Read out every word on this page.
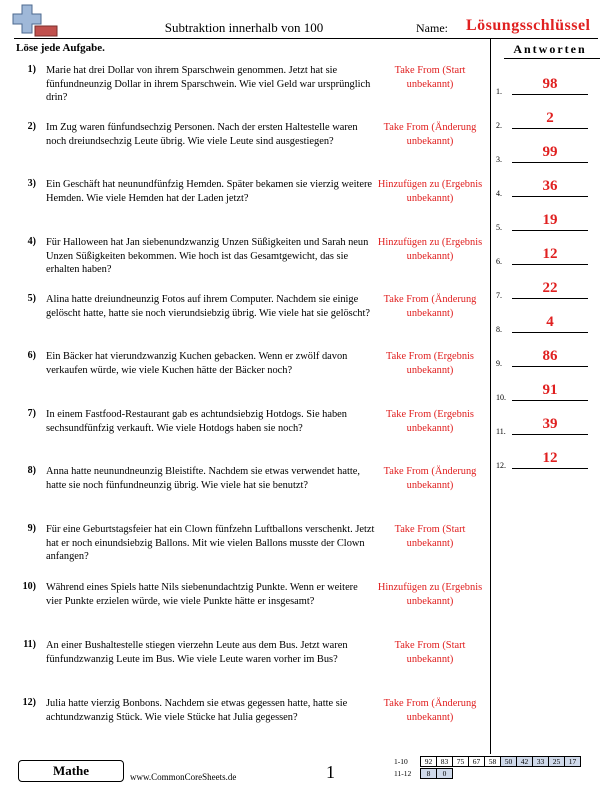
Subtraktion innerhalb von 100	Name: Lösungsschlüssel
Löse jede Aufgabe.
1) Marie hat drei Dollar von ihrem Sparschwein genommen. Jetzt hat sie fünfundneunzig Dollar in ihrem Sparschwein. Wie viel Geld war ursprünglich drin?
Take From (Start unbekannt)
2) Im Zug waren fünfundsechzig Personen. Nach der ersten Haltestelle waren noch dreiundsechzig Leute übrig. Wie viele Leute sind ausgestiegen?
Take From (Änderung unbekannt)
3) Ein Geschäft hat neunundfünfzig Hemden. Später bekamen sie vierzig weitere Hemden. Wie viele Hemden hat der Laden jetzt?
Hinzufügen zu (Ergebnis unbekannt)
4) Für Halloween hat Jan siebenundzwanzig Unzen Süßigkeiten und Sarah neun Unzen Süßigkeiten bekommen. Wie hoch ist das Gesamtgewicht, das sie erhalten haben?
Hinzufügen zu (Ergebnis unbekannt)
5) Alina hatte dreiundneunzig Fotos auf ihrem Computer. Nachdem sie einige gelöscht hatte, hatte sie noch vierundsiebzig übrig. Wie viele hat sie gelöscht?
Take From (Änderung unbekannt)
6) Ein Bäcker hat vierundzwanzig Kuchen gebacken. Wenn er zwölf davon verkaufen würde, wie viele Kuchen hätte der Bäcker noch?
Take From (Ergebnis unbekannt)
7) In einem Fastfood-Restaurant gab es achtundsiebzig Hotdogs. Sie haben sechsundfünfzig verkauft. Wie viele Hotdogs haben sie noch?
Take From (Ergebnis unbekannt)
8) Anna hatte neunundneunzig Bleistifte. Nachdem sie etwas verwendet hatte, hatte sie noch fünfundneunzig übrig. Wie viele hat sie benutzt?
Take From (Änderung unbekannt)
9) Für eine Geburtstagsfeier hat ein Clown fünfzehn Luftballons verschenkt. Jetzt hat er noch einundsiebzig Ballons. Mit wie vielen Ballons musste der Clown anfangen?
Take From (Start unbekannt)
10) Während eines Spiels hatte Nils siebenundachtzig Punkte. Wenn er weitere vier Punkte erzielen würde, wie viele Punkte hätte er insgesamt?
Hinzufügen zu (Ergebnis unbekannt)
11) An einer Bushaltestelle stiegen vierzehn Leute aus dem Bus. Jetzt waren fünfundzwanzig Leute im Bus. Wie viele Leute waren vorher im Bus?
Take From (Start unbekannt)
12) Julia hatte vierzig Bonbons. Nachdem sie etwas gegessen hatte, hatte sie achtundzwanzig Stück. Wie viele Stücke hat Julia gegessen?
Take From (Änderung unbekannt)
Antworten
1.	98
2.	2
3.	99
4.	36
5.	19
6.	12
7.	22
8.	4
9.	86
10.	91
11.	39
12.	12
Mathe	www.CommonCoreSheets.de	1
1-10	92	83	75	67	58	50	42	33	25	17
11-12	8	0
